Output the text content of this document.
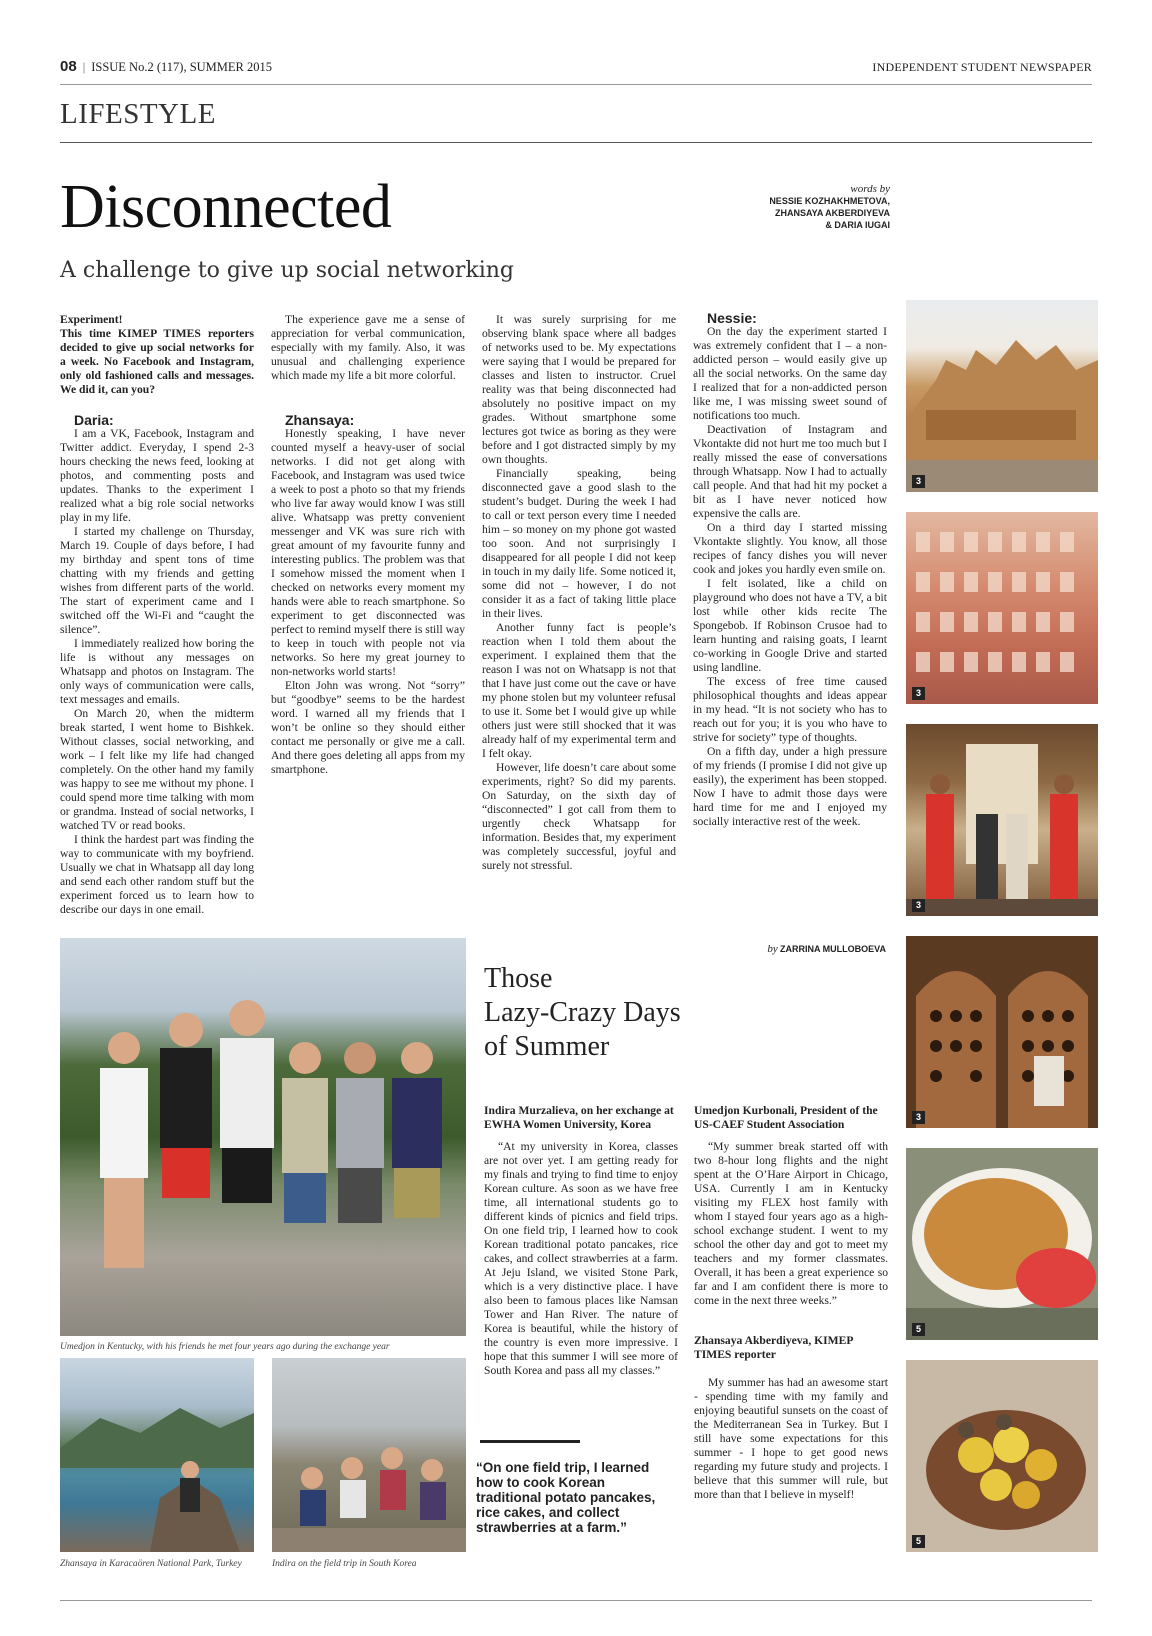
08 | ISSUE No.2 (117), SUMMER 2015	INDEPENDENT STUDENT NEWSPAPER
LIFESTYLE
Disconnected
A challenge to give up social networking
words by
NESSIE KOZHAKHMETOVA,
ZHANSAYA AKBERDIYEVA
& DARIA IUGAI

Experiment!

This time KIMEP TIMES reporters decided to give up social networks for a week. No Facebook and Instagram, only old fashioned calls and messages. We did it, can you?

Daria:

I am a VK, Facebook, Instagram and Twitter addict. Everyday, I spend 2-3 hours checking the news feed, looking at photos, and commenting posts and updates. Thanks to the experiment I realized what a big role social networks play in my life.

I started my challenge on Thursday, March 19. Couple of days before, I had my birthday and spent tons of time chatting with my friends and getting wishes from different parts of the world. The start of experiment came and I switched off the Wi-Fi and “caught the silence”.

I immediately realized how boring the life is without any messages on Whatsapp and photos on Instagram. The only ways of communication were calls, text messages and emails.

On March 20, when the midterm break started, I went home to Bishkek. Without classes, social networking, and work – I felt like my life had changed completely. On the other hand my family was happy to see me without my phone. I could spend more time talking with mom or grandma. Instead of social networks, I watched TV or read books.

I think the hardest part was finding the way to communicate with my boyfriend. Usually we chat in Whatsapp all day long and send each other random stuff but the experiment forced us to learn how to describe our days in one email.

The experience gave me a sense of appreciation for verbal communication, especially with my family. Also, it was unusual and challenging experience which made my life a bit more colorful.

Zhansaya:

Honestly speaking, I have never counted myself a heavy-user of social networks. I did not get along with Facebook, and Instagram was used twice a week to post a photo so that my friends who live far away would know I was still alive. Whatsapp was pretty convenient messenger and VK was sure rich with great amount of my favourite funny and interesting publics. The problem was that I somehow missed the moment when I checked on networks every moment my hands were able to reach smartphone. So experiment to get disconnected was perfect to remind myself there is still way to keep in touch with people not via networks. So here my great journey to non-networks world starts!

Elton John was wrong. Not “sorry” but “goodbye” seems to be the hardest word. I warned all my friends that I won’t be online so they should either contact me personally or give me a call. And there goes deleting all apps from my smartphone.

It was surely surprising for me observing blank space where all badges of networks used to be. My expectations were saying that I would be prepared for classes and listen to instructor. Cruel reality was that being disconnected had absolutely no positive impact on my grades. Without smartphone some lectures got twice as boring as they were before and I got distracted simply by my own thoughts.

Financially speaking, being disconnected gave a good slash to the student’s budget. During the week I had to call or text person every time I needed him – so money on my phone got wasted too soon. And not surprisingly I disappeared for all people I did not keep in touch in my daily life. Some noticed it, some did not – however, I do not consider it as a fact of taking little place in their lives.

Another funny fact is people’s reaction when I told them about the experiment. I explained them that the reason I was not on Whatsapp is not that that I have just come out the cave or have my phone stolen but my volunteer refusal to use it. Some bet I would give up while others just were still shocked that it was already half of my experimental term and I felt okay.

However, life doesn’t care about some experiments, right? So did my parents. On Saturday, on the sixth day of “disconnected” I got call from them to urgently check Whatsapp for information. Besides that, my experiment was completely successful, joyful and surely not stressful.

Nessie:

On the day the experiment started I was extremely confident that I – a non-addicted person – would easily give up all the social networks. On the same day I realized that for a non-addicted person like me, I was missing sweet sound of notifications too much.

Deactivation of Instagram and Vkontakte did not hurt me too much but I really missed the ease of conversations through Whatsapp. Now I had to actually call people. And that had hit my pocket a bit as I have never noticed how expensive the calls are.

On a third day I started missing Vkontakte slightly. You know, all those recipes of fancy dishes you will never cook and jokes you hardly even smile on.

I felt isolated, like a child on playground who does not have a TV, a bit lost while other kids recite The Spongebob. If Robinson Crusoe had to learn hunting and raising goats, I learnt co-working in Google Drive and started using landline.

The excess of free time caused philosophical thoughts and ideas appear in my head. “It is not society who has to reach out for you; it is you who have to strive for society” type of thoughts.

On a fifth day, under a high pressure of my friends (I promise I did not give up easily), the experiment has been stopped. Now I have to admit those days were hard time for me and I enjoyed my socially interactive rest of the week.

3
3
3
3
5
5
by ZARRINA MULLOBOEVA
Umedjon in Kentucky, with his friends he met four years ago during the exchange year
Zhansaya in Karacaören National Park, Turkey	Indira on the field trip in South Korea
Those
Lazy-Crazy Days
of Summer
Indira Murzalieva, on her exchange at EWHA Women University, Korea

“At my university in Korea, classes are not over yet. I am getting ready for my finals and trying to find time to enjoy Korean culture. As soon as we have free time, all international students go to different kinds of picnics and field trips. On one field trip, I learned how to cook Korean traditional potato pancakes, rice cakes, and collect strawberries at a farm. At Jeju Island, we visited Stone Park, which is a very distinctive place. I have also been to famous places like Namsan Tower and Han River. The nature of Korea is beautiful, while the history of the country is even more impressive. I hope that this summer I will see more of South Korea and pass all my classes.”

“On one field trip, I learned how to cook Korean traditional potato pancakes, rice cakes, and collect strawberries at a farm.”
Umedjon Kurbonali, President of the US-CAEF Student Association

“My summer break started off with two 8-hour long flights and the night spent at the O’Hare Airport in Chicago, USA. Currently I am in Kentucky visiting my FLEX host family with whom I stayed four years ago as a high-school exchange student. I went to my school the other day and got to meet my teachers and my former classmates. Overall, it has been a great experience so far and I am confident there is more to come in the next three weeks.”

Zhansaya Akberdiyeva, KIMEP TIMES reporter

My summer has had an awesome start - spending time with my family and enjoying beautiful sunsets on the coast of the Mediterranean Sea in Turkey. But I still have some expectations for this summer - I hope to get good news regarding my future study and projects. I believe that this summer will rule, but more than that I believe in myself!
